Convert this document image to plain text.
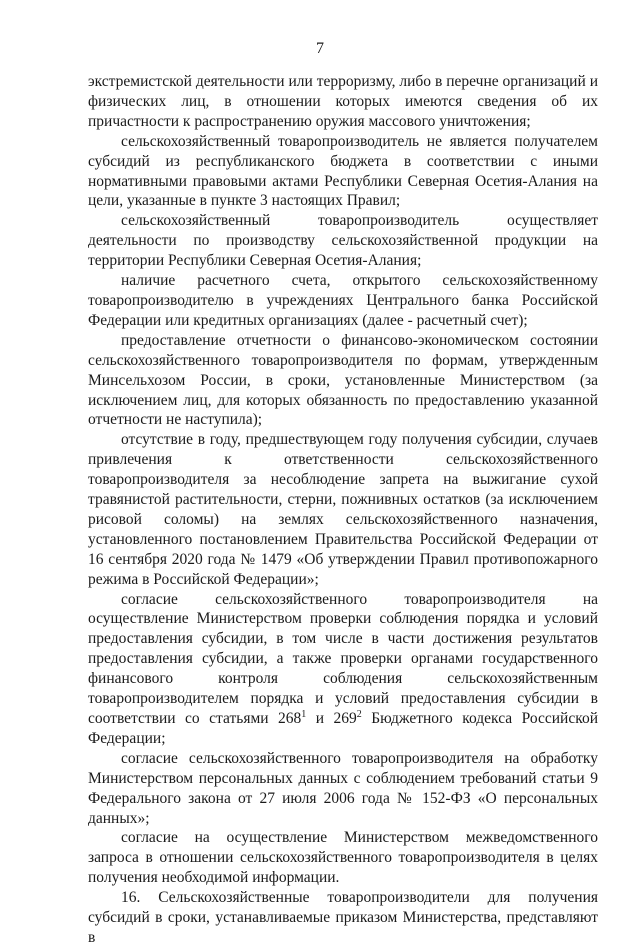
7

экстремистской деятельности или терроризму, либо в перечне организаций и физических лиц, в отношении которых имеются сведения об их причастности к распространению оружия массового уничтожения;

сельскохозяйственный товаропроизводитель не является получателем субсидий из республиканского бюджета в соответствии с иными нормативными правовыми актами Республики Северная Осетия-Алания на цели, указанные в пункте 3 настоящих Правил;

сельскохозяйственный товаропроизводитель осуществляет деятельности по производству сельскохозяйственной продукции на территории Республики Северная Осетия-Алания;

наличие расчетного счета, открытого сельскохозяйственному товаропроизводителю в учреждениях Центрального банка Российской Федерации или кредитных организациях (далее - расчетный счет);

предоставление отчетности о финансово-экономическом состоянии сельскохозяйственного товаропроизводителя по формам, утвержденным Минсельхозом России, в сроки, установленные Министерством (за исключением лиц, для которых обязанность по предоставлению указанной отчетности не наступила);

отсутствие в году, предшествующем году получения субсидии, случаев привлечения к ответственности сельскохозяйственного товаропроизводителя за несоблюдение запрета на выжигание сухой травянистой растительности, стерни, пожнивных остатков (за исключением рисовой соломы) на землях сельскохозяйственного назначения, установленного постановлением Правительства Российской Федерации от 16 сентября 2020 года № 1479 «Об утверждении Правил противопожарного режима в Российской Федерации»;

согласие сельскохозяйственного товаропроизводителя на осуществление Министерством проверки соблюдения порядка и условий предоставления субсидии, в том числе в части достижения результатов предоставления субсидии, а также проверки органами государственного финансового контроля соблюдения сельскохозяйственным товаропроизводителем порядка и условий предоставления субсидии в соответствии со статьями $268^1$ и $269^2$ Бюджетного кодекса Российской Федерации;

согласие сельскохозяйственного товаропроизводителя на обработку Министерством персональных данных с соблюдением требований статьи 9 Федерального закона от 27 июля 2006 года № 152-ФЗ «О персональных данных»;

согласие на осуществление Министерством межведомственного запроса в отношении сельскохозяйственного товаропроизводителя в целях получения необходимой информации.

16. Сельскохозяйственные товаропроизводители для получения субсидий в сроки, устанавливаемые приказом Министерства, представляют в
